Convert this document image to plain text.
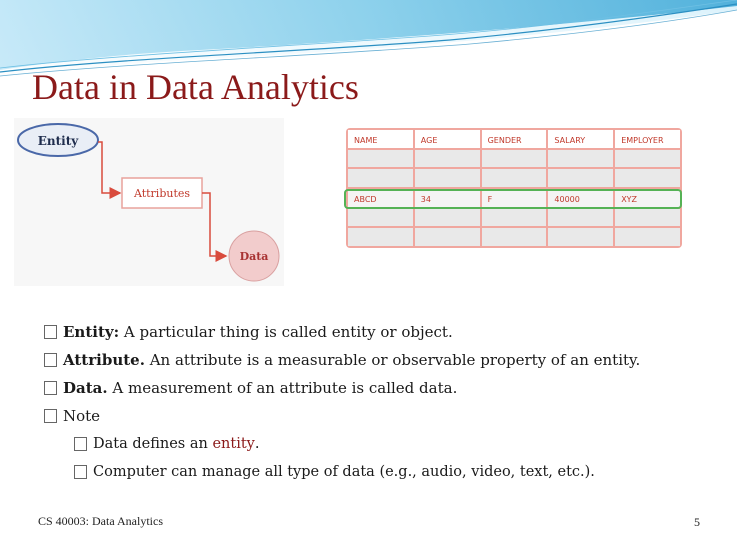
Data in Data Analytics
Entity
Attributes
Data
NAME	AGE	GENDER	SALARY	EMPLOYER
ABCD	34	F	40000	XYZ
Entity: A particular thing is called entity or object.
Attribute. An attribute is a measurable or observable property of an entity.
Data. A measurement of an attribute is called data.
Note
Data defines an entity .
Computer can manage all type of data (e.g., audio, video, text, etc.).
CS 40003: Data Analytics	5
